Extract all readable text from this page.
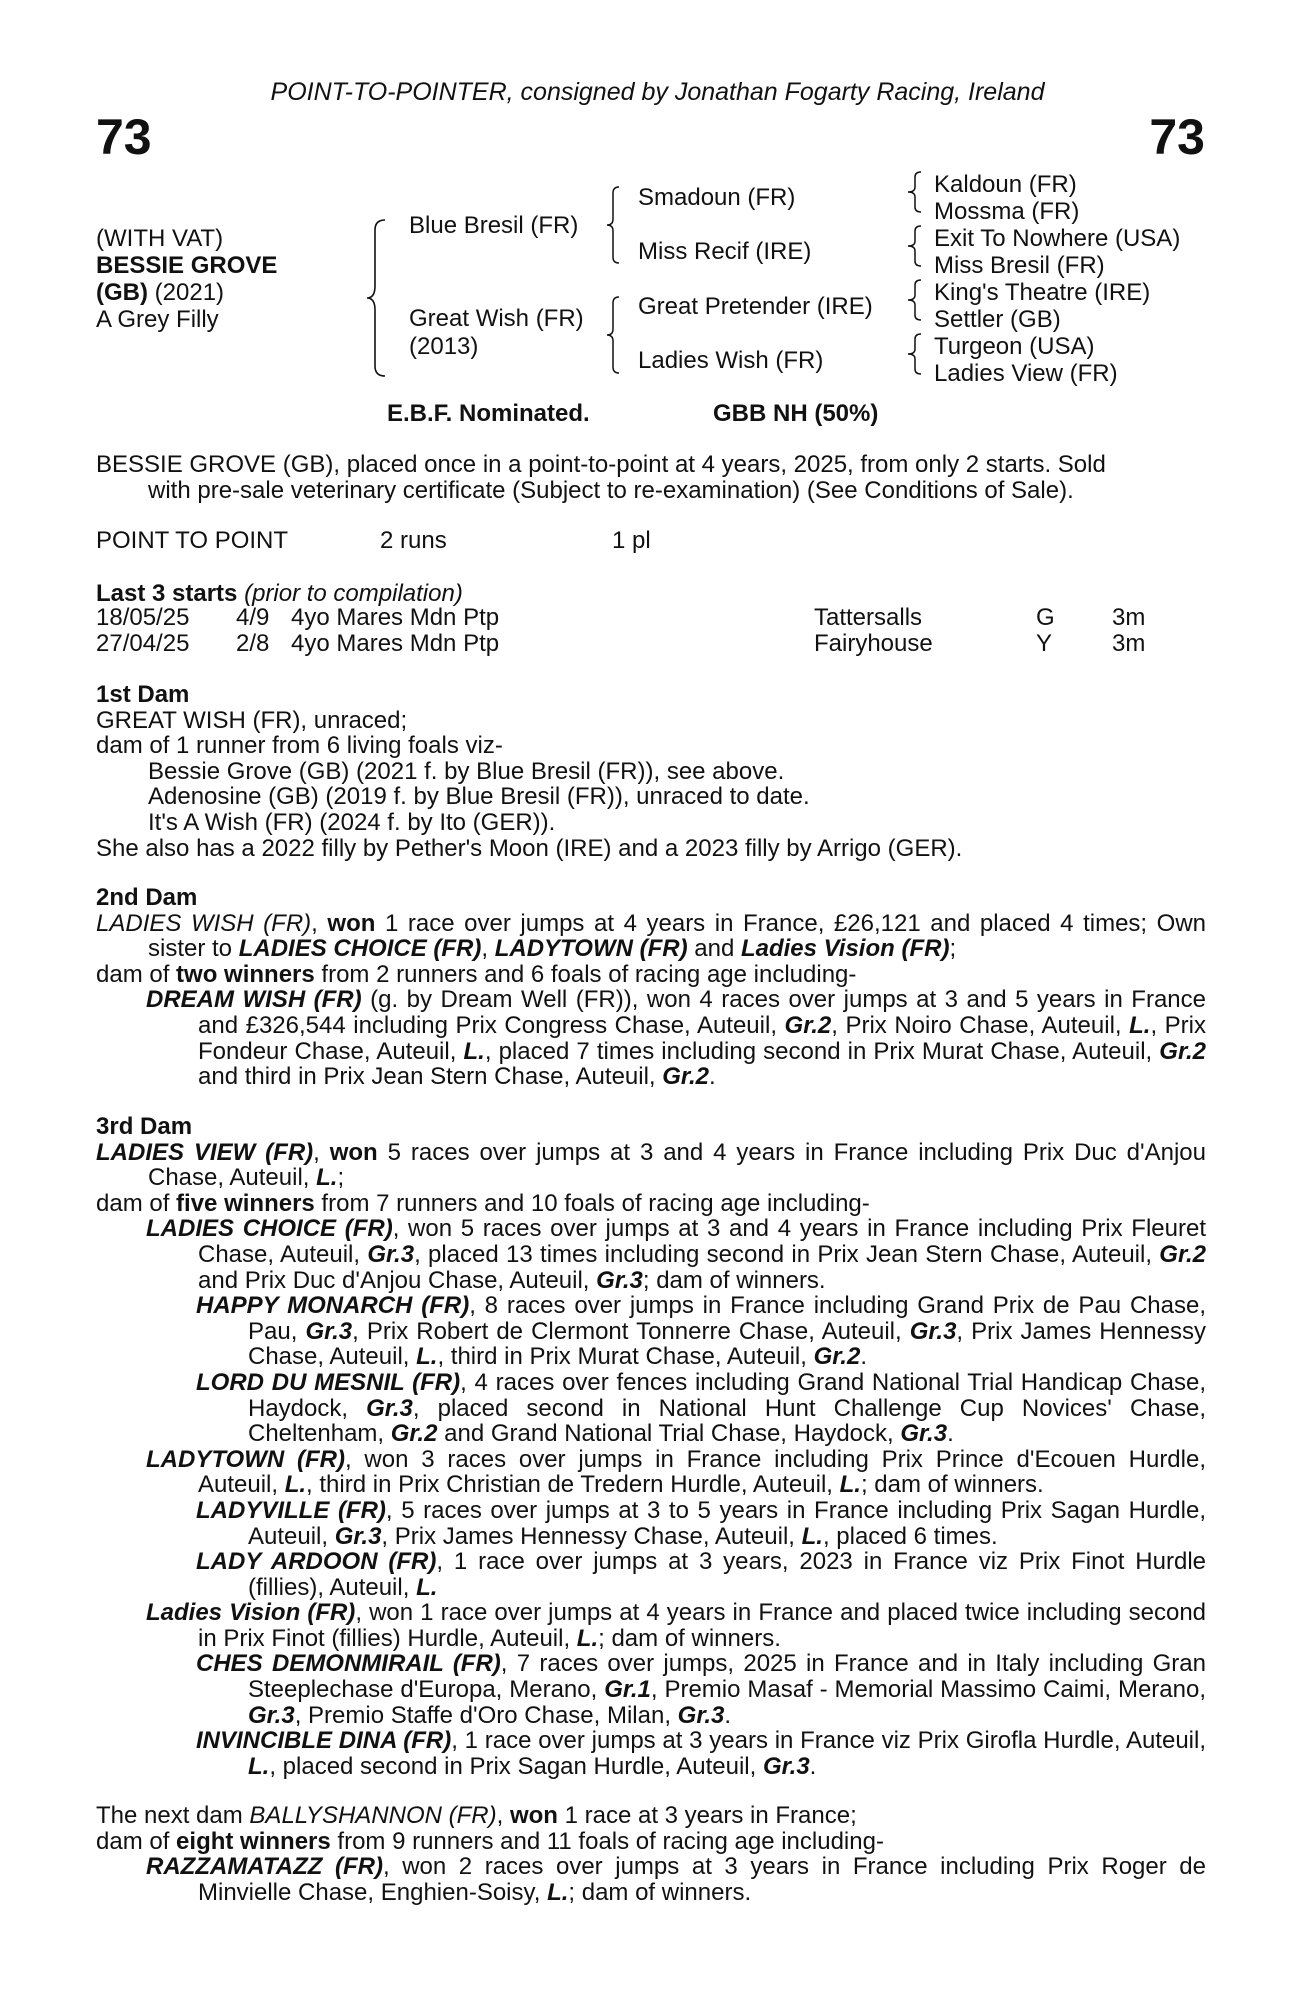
POINT-TO-POINTER, consigned by Jonathan Fogarty Racing, Ireland
73	73
(WITH VAT)
BESSIE GROVE
(GB) (2021)
A Grey Filly
Blue Bresil (FR)
Great Wish (FR)
(2013)
Smadoun (FR)
Miss Recif (IRE)
Great Pretender (IRE)
Ladies Wish (FR)
Kaldoun (FR)
Mossma (FR)
Exit To Nowhere (USA)
Miss Bresil (FR)
King's Theatre (IRE)
Settler (GB)
Turgeon (USA)
Ladies View (FR)
E.B.F. Nominated.	GBB NH (50%)

BESSIE GROVE (GB), placed once in a point-to-point at 4 years, 2025, from only 2 starts. Sold

with pre-sale veterinary certificate (Subject to re-examination) (See Conditions of Sale).

POINT TO POINT	2 runs	1 pl
Last 3 starts (prior to compilation)
18/05/25	4/9	4yo Mares Mdn Ptp	Tattersalls	G	3m
27/04/25	2/8	4yo Mares Mdn Ptp	Fairyhouse	Y	3m

1st Dam

GREAT WISH (FR), unraced;

dam of 1 runner from 6 living foals viz-

Bessie Grove (GB) (2021 f. by Blue Bresil (FR)), see above.

Adenosine (GB) (2019 f. by Blue Bresil (FR)), unraced to date.

It's A Wish (FR) (2024 f. by Ito (GER)).

She also has a 2022 filly by Pether's Moon (IRE) and a 2023 filly by Arrigo (GER).

2nd Dam

LADIES WISH (FR), won 1 race over jumps at 4 years in France, £26,121 and placed 4 times; Own sister to LADIES CHOICE (FR), LADYTOWN (FR) and Ladies Vision (FR);

dam of two winners from 2 runners and 6 foals of racing age including-

DREAM WISH (FR) (g. by Dream Well (FR)), won 4 races over jumps at 3 and 5 years in France and £326,544 including Prix Congress Chase, Auteuil, Gr.2, Prix Noiro Chase, Auteuil, L., Prix Fondeur Chase, Auteuil, L., placed 7 times including second in Prix Murat Chase, Auteuil, Gr.2 and third in Prix Jean Stern Chase, Auteuil, Gr.2.

3rd Dam

LADIES VIEW (FR), won 5 races over jumps at 3 and 4 years in France including Prix Duc d'Anjou Chase, Auteuil, L.;

dam of five winners from 7 runners and 10 foals of racing age including-

LADIES CHOICE (FR), won 5 races over jumps at 3 and 4 years in France including Prix Fleuret Chase, Auteuil, Gr.3, placed 13 times including second in Prix Jean Stern Chase, Auteuil, Gr.2 and Prix Duc d'Anjou Chase, Auteuil, Gr.3; dam of winners.

HAPPY MONARCH (FR), 8 races over jumps in France including Grand Prix de Pau Chase, Pau, Gr.3, Prix Robert de Clermont Tonnerre Chase, Auteuil, Gr.3, Prix James Hennessy Chase, Auteuil, L., third in Prix Murat Chase, Auteuil, Gr.2.

LORD DU MESNIL (FR), 4 races over fences including Grand National Trial Handicap Chase, Haydock, Gr.3, placed second in National Hunt Challenge Cup Novices' Chase, Cheltenham, Gr.2 and Grand National Trial Chase, Haydock, Gr.3.

LADYTOWN (FR), won 3 races over jumps in France including Prix Prince d'Ecouen Hurdle, Auteuil, L., third in Prix Christian de Tredern Hurdle, Auteuil, L.; dam of winners.

LADYVILLE (FR), 5 races over jumps at 3 to 5 years in France including Prix Sagan Hurdle, Auteuil, Gr.3, Prix James Hennessy Chase, Auteuil, L., placed 6 times.

LADY ARDOON (FR), 1 race over jumps at 3 years, 2023 in France viz Prix Finot Hurdle (fillies), Auteuil, L.

Ladies Vision (FR), won 1 race over jumps at 4 years in France and placed twice including second in Prix Finot (fillies) Hurdle, Auteuil, L.; dam of winners.

CHES DEMONMIRAIL (FR), 7 races over jumps, 2025 in France and in Italy including Gran Steeplechase d'Europa, Merano, Gr.1, Premio Masaf - Memorial Massimo Caimi, Merano, Gr.3, Premio Staffe d'Oro Chase, Milan, Gr.3.

INVINCIBLE DINA (FR), 1 race over jumps at 3 years in France viz Prix Girofla Hurdle, Auteuil, L., placed second in Prix Sagan Hurdle, Auteuil, Gr.3.

The next dam BALLYSHANNON (FR), won 1 race at 3 years in France;

dam of eight winners from 9 runners and 11 foals of racing age including-

RAZZAMATAZZ (FR), won 2 races over jumps at 3 years in France including Prix Roger de Minvielle Chase, Enghien-Soisy, L.; dam of winners.
